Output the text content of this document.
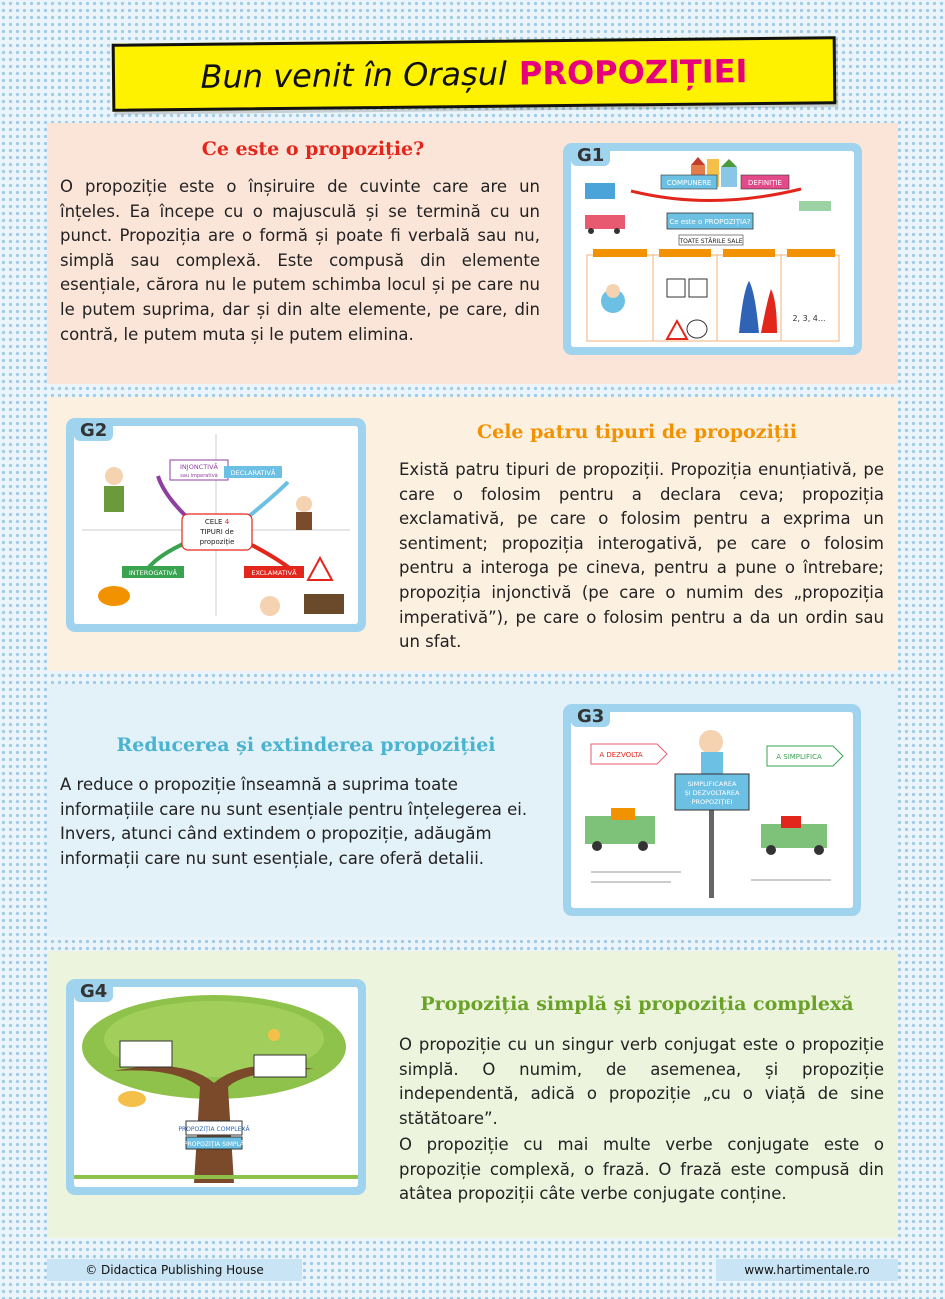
Bun venit în Orașul PROPOZIȚIEI
Ce este o propoziție?
O propoziție este o înșiruire de cuvinte care are un înțeles. Ea începe cu o majusculă și se termină cu un punct. Propoziția are o formă și poate fi verbală sau nu, simplă sau complexă. Este compusă din elemente esențiale, cărora nu le putem schimba locul și pe care nu le putem suprima, dar și din alte elemente, pe care, din contră, le putem muta și le putem elimina.
COMPUNERE	DEFINIȚIE
Ce este o PROPOZIȚIA?
TOATE STĂRILE SALE
2, 3, 4...
G1
CELE 4
TIPURI de
propoziție
INJONCTIVĂ
sau imperativă DECLARATIVĂ
INTEROGATIVĂ	EXCLAMATIVĂ
G2	Cele patru tipuri de propoziții
Există patru tipuri de propoziții. Propoziția enunțiativă, pe care o folosim pentru a declara ceva; propoziția exclamativă, pe care o folosim pentru a exprima un sentiment; propoziția interogativă, pe care o folosim pentru a interoga pe cineva, pentru a pune o întrebare; propoziția injonctivă (pe care o numim des „propoziția imperativă”), pe care o folosim pentru a da un ordin sau un sfat.
Reducerea și extinderea propoziției
A reduce o propoziție înseamnă a suprima toate informațiile care nu sunt esențiale pentru înțelegerea ei. Invers, atunci când extindem o propoziție, adăugăm informații care nu sunt esențiale, care oferă detalii.
SIMPLIFICAREA
ȘI DEZVOLTAREA
PROPOZIȚIEI
A DEZVOLTA	A SIMPLIFICA
G3
PROPOZIȚIA COMPLEXĂ
PROPOZIȚIA SIMPLĂ
G4
Propoziția simplă și propoziția complexă
O propoziție cu un singur verb conjugat este o propoziție simplă. O numim, de asemenea, și propoziție independentă, adică o propoziție „cu o viață de sine stătătoare”.
O propoziție cu mai multe verbe conjugate este o propoziție complexă, o frază. O frază este compusă din atâtea propoziții câte verbe conjugate conține.
© Didactica Publishing House	www.hartimentale.ro
